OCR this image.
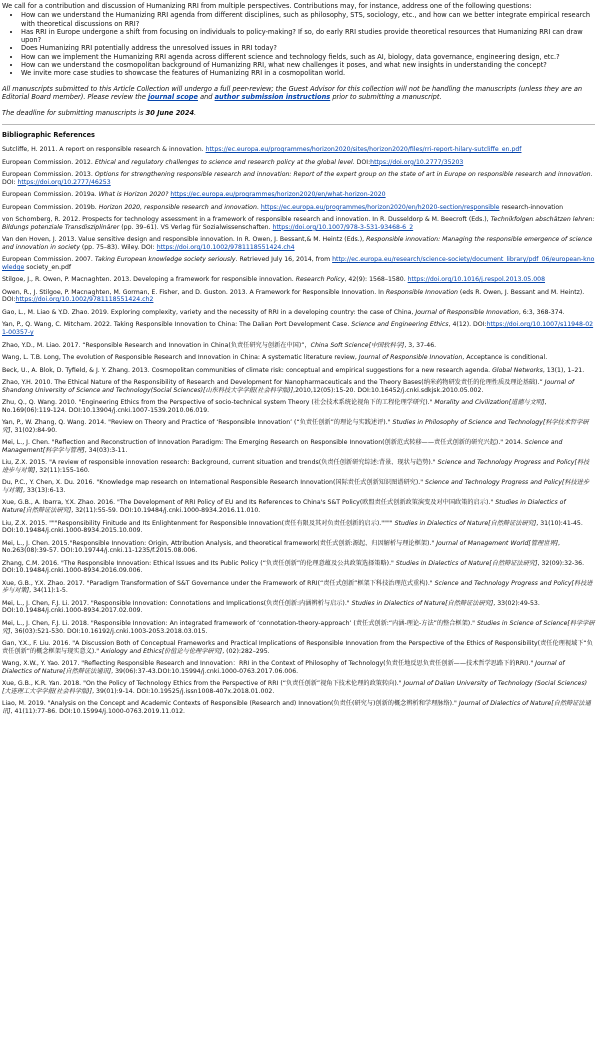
We call for a contribution and discussion of Humanizing RRI from multiple perspectives. Contributions may, for instance, address one of the following questions:

• How can we understand the Humanizing RRI agenda from different disciplines, such as philosophy, STS, sociology, etc., and how can we better integrate empirical research with theoretical discussions on RRI?
• Has RRI in Europe undergone a shift from focusing on individuals to policy-making? If so, do early RRI studies provide theoretical resources that Humanizing RRI can draw upon?
• Does Humanizing RRI potentially address the unresolved issues in RRI today?
• How can we implement the Humanizing RRI agenda across different science and technology fields, such as AI, biology, data governance, engineering design, etc.?
• How can we understand the cosmopolitan background of Humanizing RRI, what new challenges it poses, and what new insights in understanding the concept?
• We invite more case studies to showcase the features of Humanizing RRI in a cosmopolitan world.

All manuscripts submitted to this Article Collection will undergo a full peer-review; the Guest Advisor for this collection will not be handling the manuscripts (unless they are an Editorial Board member). Please review the journal scope and author submission instructions prior to submitting a manuscript.

The deadline for submitting manuscripts is 30 June 2024.

Bibliographic References

Sutcliffe, H. 2011. A report on responsible research & innovation. https://ec.europa.eu/programmes/horizon2020/sites/horizon2020/files/rri-report-hilary-sutcliffe_en.pdf

European Commission. 2012. Ethical and regulatory challenges to science and research policy at the global level. DOI:https://doi.org/10.2777/35203

European Commission. 2013. Options for strengthening responsible research and innovation: Report of the expert group on the state of art in Europe on responsible research and innovation. DOI: https://doi.org/10.2777/46253

European Commission. 2019a. What is Horizon 2020? https://ec.europa.eu/programmes/horizon2020/en/what-horizon-2020

European Commission. 2019b. Horizon 2020, responsible research and innovation. https://ec.europa.eu/programmes/horizon2020/en/h2020-section/responsible research-innovation

von Schomberg, R. 2012. Prospects for technology assessment in a framework of responsible research and innovation. In R. Dusseldorp & M. Beecroft (Eds.), Technikfolgen abschätzen lehren: Bildungs potenziale Transdisziplinärer (pp. 39–61). VS Verlag für Sozialwissenschaften. https://doi.org/10.1007/978-3-531-93468-6_2

Van den Hoven, J. 2013. Value sensitive design and responsible innovation. In R. Owen, J. Bessant,& M. Heintz (Eds.), Responsible innovation: Managing the responsible emergence of science and innovation in society (pp. 75–83). Wiley. DOI: https://doi.org/10.1002/9781118551424.ch4

European Commission. 2007. Taking European knowledge society seriously. Retrieved July 16, 2014, from http://ec.europa.eu/research/science-society/document_library/pdf_06/european-knowledge society_en.pdf

Stilgoe, J., R. Owen, P. Macnaghten. 2013. Developing a framework for responsible innovation. Research Policy, 42(9): 1568–1580. https://doi.org/10.1016/j.respol.2013.05.008

Owen, R., J. Stilgoe, P. Macnaghten, M. Gorman, E. Fisher, and D. Guston. 2013. A Framework for Responsible Innovation. In Responsible Innovation (eds R. Owen, J. Bessant and M. Heintz). DOI:https://doi.org/10.1002/9781118551424.ch2

Gao, L., M. Liao & Y.D. Zhao. 2019. Exploring complexity, variety and the necessity of RRI in a developing country: the case of China, Journal of Responsible Innovation, 6:3, 368-374.

Yan, P., Q. Wang, C. Mitcham. 2022. Taking Responsible Innovation to China: The Dalian Port Development Case. Science and Engineering Ethics, 4(12). DOI:https://doi.org/10.1007/s11948-021-00357-y

Zhao, Y.D., M. Liao. 2017. “Responsible Research and Innovation in China(负责任研究与创新在中国)”，China Soft Science[中国软科学], 3, 37-46.

Wang, L. T.B. Long, The evolution of Responsible Research and Innovation in China: A systematic literature review, Journal of Responsible Innovation, Acceptance is conditional.

Beck, U., A. Blok, D. Tyfield, & J. Y. Zhang. 2013. Cosmopolitan communities of climate risk: conceptual and empirical suggestions for a new research agenda. Global Networks, 13(1), 1–21.

Zhao, Y.H. 2010. The Ethical Nature of the Responsibility of Research and Development for Nanopharmaceuticals and the Theory Bases(纳米药物研发责任的伦理性质及理论基础).” Journal of Shandong University of Science and Technology(Social Sciences)[山东科技大学学报(社会科学版)],2010,12(05):15-20. DOI:10.16452/j.cnki.sdkjsk.2010.05.002.

Zhu, Q., Q. Wang. 2010. "Engineering Ethics from the Perspective of socio-technical system Theory (社会技术系统论视角下的工程伦理学研究)." Morality and Civilization[道德与文明], No.169(06):119-124. DOI:10.13904/j.cnki.1007-1539.2010.06.019.

Yan, P., W. Zhang, Q. Wang. 2014. "Review on Theory and Practice of ‘Responsible Innovation’ (“负责任创新”的理论与实践述评)." Studies in Philosophy of Science and Technology[科学技术哲学研究], 31(02):84-90.

Mei, L., J. Chen. "Reflection and Reconstruction of Innovation Paradigm: The Emerging Research on Responsible Innovation(创新范式转移——责任式创新的研究兴起)." 2014. Science and Management[科学学与管理], 34(03):3-11.

Liu, Z.X. 2015. "A review of responsible innovation research: Background, current situation and trends(负责任创新研究综述:背景、现状与趋势)." Science and Technology Progress and Policy[科技进步与对策], 32(11):155-160.

Du, P.C., Y. Chen, X. Du. 2016. "Knowledge map research on International Responsible Research Innovation(国际责任式创新知识图谱研究)." Science and Technology Progress and Policy[科技进步与对策], 33(13):6-13.

Xue, G.B., A. Ibarra, Y.X. Zhao. 2016. "The Development of RRI Policy of EU and Its References to China's S&T Policy(欧盟责任式创新政策演变及对中国政策的启示)." Studies in Dialectics of Nature[自然辩证法研究], 32(11):55-59. DOI:10.19484/j.cnki.1000-8934.2016.11.010.

Liu, Z.X. 2015. """Responsibility Finitude and Its Enlightenment for Responsible Innovation(责任有限及其对负责任创新的启示)."""" Studies in Dialectics of Nature[自然辩证法研究], 31(10):41-45. DOI:10.19484/j.cnki.1000-8934.2015.10.009.

Mei, L., J. Chen. 2015."Responsible Innovation: Origin, Attribution Analysis, and theoretical framework(责任式创新:源起、归因解析与理论框架)." Journal of Management World[管理世界], No.263(08):39-57. DOI:10.19744/j.cnki.11-1235/f.2015.08.006.

Zhang, C.M. 2016. "The Responsible Innovation: Ethical Issues and Its Public Policy (“负责任创新”的伦理意蕴及公共政策选择策略)." Studies in Dialectics of Nature[自然辩证法研究], 32(09):32-36. DOI:10.19484/j.cnki.1000-8934.2016.09.006.

Xue, G.B., Y.X. Zhao. 2017. "Paradigm Transformation of S&T Governance under the Framework of RRI(“责任式创新”框架下科技治理范式重构)." Science and Technology Progress and Policy[科技进步与对策], 34(11):1-5.

Mei, L., J. Chen, F.J. Li. 2017. "Responsible Innovation: Connotations and Implications(负责任创新:内涵辨析与启示)." Studies in Dialectics of Nature[自然辩证法研究], 33(02):49-53. DOI:10.19484/j.cnki.1000-8934.2017.02.009.

Mei, L., J. Chen, F.J. Li. 2018. "Responsible Innovation: An integrated framework of ‘connotation-theory-approach’ (责任式创新:“内涵-理论-方法”的整合框架)." Studies in Science of Science[科学学研究], 36(03):521-530. DOI:10.16192/j.cnki.1003-2053.2018.03.015.

Gan, Y.X., F. Liu. 2016. "A Discussion Both of Conceptual Frameworks and Practical Implications of Responsible Innovation from the Perspective of the Ethics of Responsibility(责任伦理视域下“负责任创新”的概念框架与现实意义)." Axiology and Ethics[价值论与伦理学研究], (02):282–295.

Wang, X.W., Y. Yao. 2017. "Reflecting Responsible Research and Innovation：RRI in the Context of Philosophy of Technology(负责任地反思负责任创新——技术哲学思路下的RRI)." Journal of Dialectics of Nature[自然辩证法通讯], 39(06):37-43.DOI:10.15994/j.cnki.1000-0763.2017.06.006.

Xue, G.B., K.R. Yan. 2018. "On the Policy of Technology Ethics from the Perspective of RRI (“负责任创新”视角下技术伦理的政策转向)." Journal of Dalian University of Technology (Social Sciences)[大连理工大学学报(社会科学版)], 39(01):9-14. DOI:10.19525/j.issn1008-407x.2018.01.002.

Liao, M. 2019. "Analysis on the Concept and Academic Contexts of Responsible (Research and) Innovation(负责任(研究与)创新的概念辨析和学理脉络)." Journal of Dialectics of Nature[自然辩证法通讯], 41(11):77-86. DOI:10.15994/j.1000-0763.2019.11.012.
